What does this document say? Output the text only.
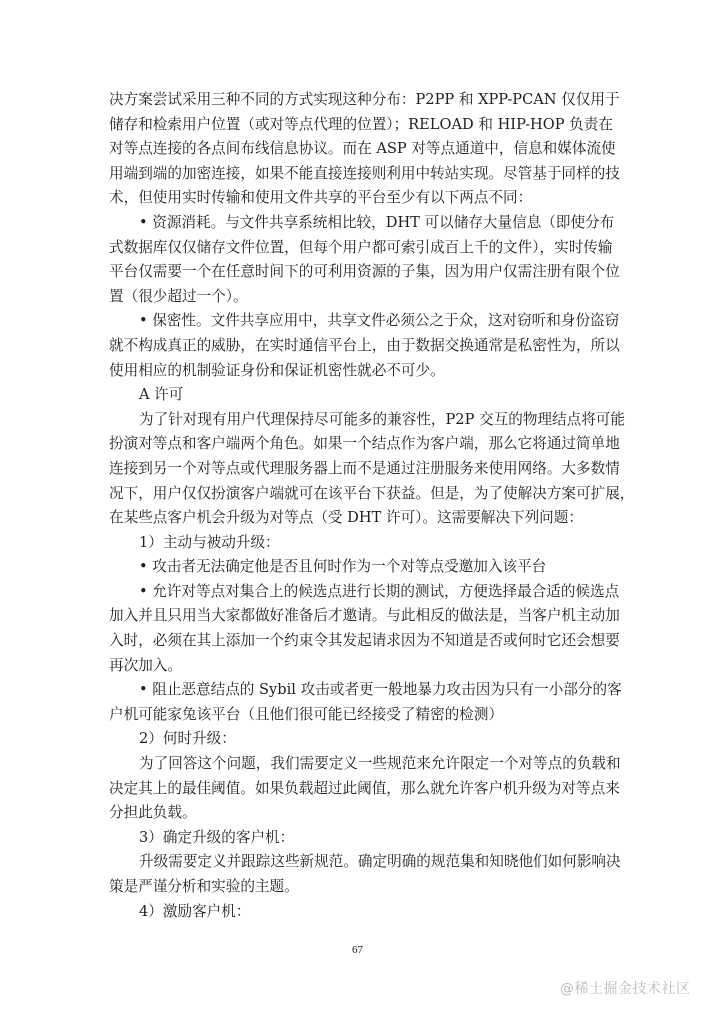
决方案尝试采用三种不同的方式实现这种分布：P2PP 和 XPP-PCAN 仅仅用于
储存和检索用户位置（或对等点代理的位置）；RELOAD 和 HIP-HOP 负责在
对等点连接的各点间布线信息协议。而在 ASP 对等点通道中，信息和媒体流使
用端到端的加密连接，如果不能直接连接则利用中转站实现。尽管基于同样的技
术，但使用实时传输和使用文件共享的平台至少有以下两点不同：
• 资源消耗。与文件共享系统相比较，DHT 可以储存大量信息（即使分布
式数据库仅仅储存文件位置，但每个用户都可索引成百上千的文件），实时传输
平台仅需要一个在任意时间下的可利用资源的子集，因为用户仅需注册有限个位
置（很少超过一个）。
• 保密性。文件共享应用中，共享文件必须公之于众，这对窃听和身份盗窃
就不构成真正的威胁，在实时通信平台上，由于数据交换通常是私密性为，所以
使用相应的机制验证身份和保证机密性就必不可少。
A 许可
为了针对现有用户代理保持尽可能多的兼容性，P2P 交互的物理结点将可能
扮演对等点和客户端两个角色。如果一个结点作为客户端，那么它将通过简单地
连接到另一个对等点或代理服务器上而不是通过注册服务来使用网络。大多数情
况下，用户仅仅扮演客户端就可在该平台下获益。但是，为了使解决方案可扩展，
在某些点客户机会升级为对等点（受 DHT 许可）。这需要解决下列问题：
1）主动与被动升级：
• 攻击者无法确定他是否且何时作为一个对等点受邀加入该平台
• 允许对等点对集合上的候选点进行长期的测试，方便选择最合适的候选点
加入并且只用当大家都做好准备后才邀请。与此相反的做法是，当客户机主动加
入时，必须在其上添加一个约束令其发起请求因为不知道是否或何时它还会想要
再次加入。
• 阻止恶意结点的 Sybil 攻击或者更一般地暴力攻击因为只有一小部分的客
户机可能家兔该平台（且他们很可能已经接受了精密的检测）
2）何时升级：
为了回答这个问题，我们需要定义一些规范来允许限定一个对等点的负载和
决定其上的最佳阈值。如果负载超过此阈值，那么就允许客户机升级为对等点来
分担此负载。
3）确定升级的客户机：
升级需要定义并跟踪这些新规范。确定明确的规范集和知晓他们如何影响决
策是严谨分析和实验的主题。
4）激励客户机：
67
@稀土掘金技术社区
